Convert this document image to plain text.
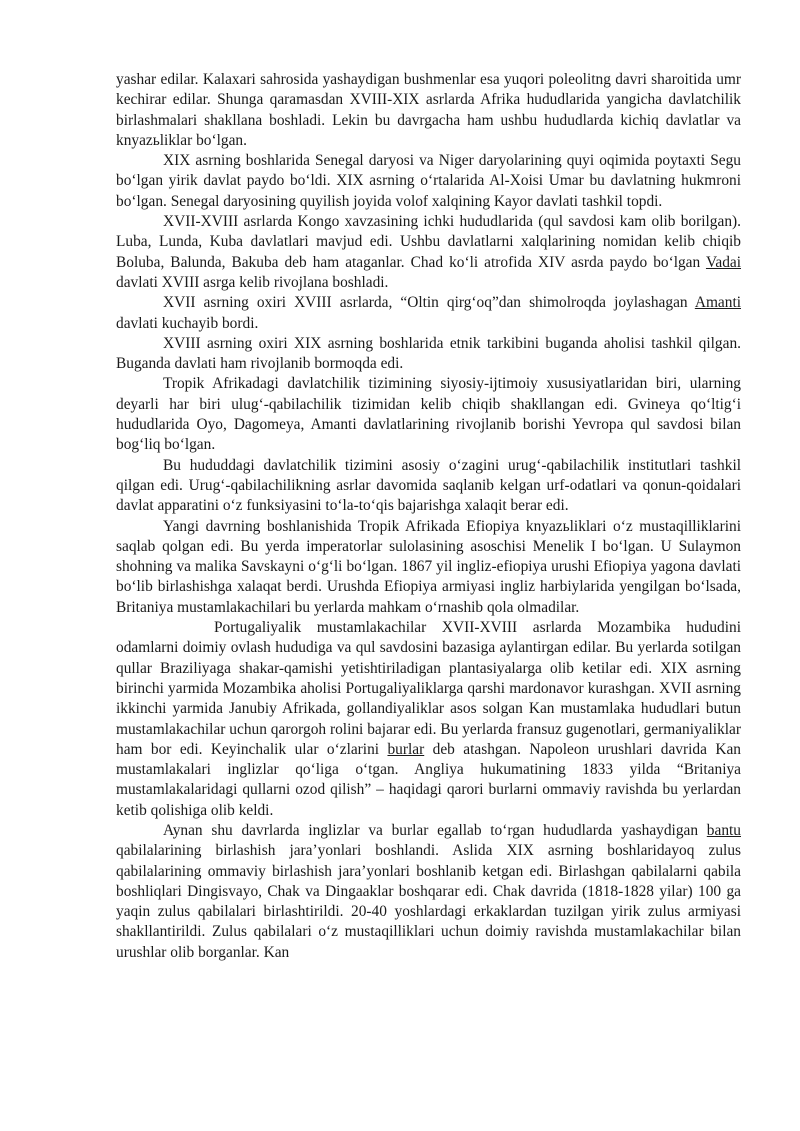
yashar edilar. Kalaxari sahrosida yashaydigan bushmenlar esa yuqori poleolitng davri sharoitida umr kechirar edilar. Shunga qaramasdan XVIII-XIX asrlarda Afrika hududlarida yangicha davlatchilik birlashmalari shakllana boshladi. Lekin bu davrgacha ham ushbu hududlarda kichiq davlatlar va knyazьliklar bo‘lgan.

XIX asrning boshlarida Senegal daryosi va Niger daryolarining quyi oqimida poytaxti Segu bo‘lgan yirik davlat paydo bo‘ldi. XIX asrning o‘rtalarida Al-Xoisi Umar bu davlatning hukmroni bo‘lgan. Senegal daryosining quyilish joyida volof xalqining Kayor davlati tashkil topdi.

XVII-XVIII asrlarda Kongo xavzasining ichki hududlarida (qul savdosi kam olib borilgan). Luba, Lunda, Kuba davlatlari mavjud edi. Ushbu davlatlarni xalqlarining nomidan kelib chiqib Boluba, Balunda, Bakuba deb ham ataganlar. Chad ko‘li atrofida XIV asrda paydo bo‘lgan Vadai davlati XVIII asrga kelib rivojlana boshladi.

XVII asrning oxiri XVIII asrlarda, “Oltin qirg‘oq”dan shimolroqda joylashagan Amanti davlati kuchayib bordi.

XVIII asrning oxiri XIX asrning boshlarida etnik tarkibini buganda aholisi tashkil qilgan. Buganda davlati ham rivojlanib bormoqda edi.

Tropik Afrikadagi davlatchilik tizimining siyosiy-ijtimoiy xususiyatlaridan biri, ularning deyarli har biri ulug‘-qabilachilik tizimidan kelib chiqib shakllangan edi. Gvineya qo‘ltig‘i hududlarida Oyo, Dagomeya, Amanti davlatlarining rivojlanib borishi Yevropa qul savdosi bilan bog‘liq bo‘lgan.

Bu hududdagi davlatchilik tizimini asosiy o‘zagini urug‘-qabilachilik institutlari tashkil qilgan edi. Urug‘-qabilachilikning asrlar davomida saqlanib kelgan urf-odatlari va qonun-qoidalari davlat apparatini o‘z funksiyasini to‘la-to‘qis bajarishga xalaqit berar edi.

Yangi davrning boshlanishida Tropik Afrikada Efiopiya knyazьliklari o‘z mustaqilliklarini saqlab qolgan edi. Bu yerda imperatorlar sulolasining asoschisi Menelik I bo‘lgan. U Sulaymon shohning va malika Savskayni o‘g‘li bo‘lgan. 1867 yil ingliz-efiopiya urushi Efiopiya yagona davlati bo‘lib birlashishga xalaqat berdi. Urushda Efiopiya armiyasi ingliz harbiylarida yengilgan bo‘lsada, Britaniya mustamlakachilari bu yerlarda mahkam o‘rnashib qola olmadilar.

Portugaliyalik mustamlakachilar XVII-XVIII asrlarda Mozambika hududini odamlarni doimiy ovlash hududiga va qul savdosini bazasiga aylantirgan edilar. Bu yerlarda sotilgan qullar Braziliyaga shakar-qamishi yetishtiriladigan plantasiyalarga olib ketilar edi. XIX asrning birinchi yarmida Mozambika aholisi Portugaliyaliklarga qarshi mardonavor kurashgan. XVII asrning ikkinchi yarmida Janubiy Afrikada, gollandiyaliklar asos solgan Kan mustamlaka hududlari butun mustamlakachilar uchun qarorgoh rolini bajarar edi. Bu yerlarda fransuz gugenotlari, germaniyaliklar ham bor edi. Keyinchalik ular o‘zlarini burlar deb atashgan. Napoleon urushlari davrida Kan mustamlakalari inglizlar qo‘liga o‘tgan. Angliya hukumatining 1833 yilda “Britaniya mustamlakalaridagi qullarni ozod qilish” – haqidagi qarori burlarni ommaviy ravishda bu yerlardan ketib qolishiga olib keldi.

Aynan shu davrlarda inglizlar va burlar egallab to‘rgan hududlarda yashaydigan bantu qabilalarining birlashish jara’yonlari boshlandi. Aslida XIX asrning boshlaridayoq zulus qabilalarining ommaviy birlashish jara’yonlari boshlanib ketgan edi. Birlashgan qabilalarni qabila boshliqlari Dingisvayo, Chak va Dingaaklar boshqarar edi. Chak davrida (1818-1828 yilar) 100 ga yaqin zulus qabilalari birlashtirildi. 20-40 yoshlardagi erkaklardan tuzilgan yirik zulus armiyasi shakllantirildi. Zulus qabilalari o‘z mustaqilliklari uchun doimiy ravishda mustamlakachilar bilan urushlar olib borganlar. Kan
